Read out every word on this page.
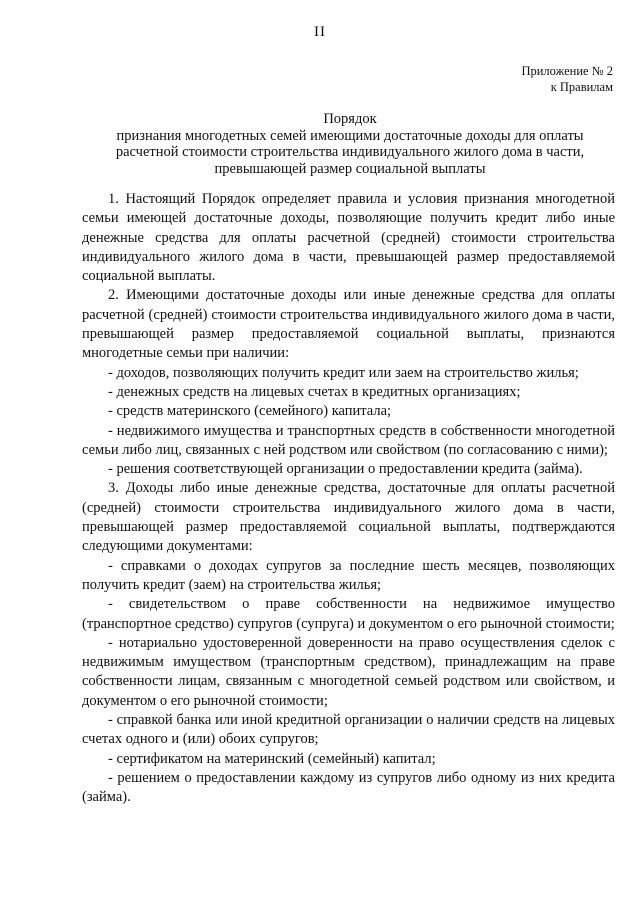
II
Приложение № 2
к Правилам
Порядок
признания многодетных семей имеющими достаточные доходы для оплаты
расчетной стоимости строительства индивидуального жилого дома в части,
превышающей размер социальной выплаты

1. Настоящий Порядок определяет правила и условия признания многодетной семьи имеющей достаточные доходы, позволяющие получить кредит либо иные денежные средства для оплаты расчетной (средней) стоимости строительства индивидуального жилого дома в части, превышающей размер предоставляемой социальной выплаты.

2. Имеющими достаточные доходы или иные денежные средства для оплаты расчетной (средней) стоимости строительства индивидуального жилого дома в части, превышающей размер предоставляемой социальной выплаты, признаются многодетные семьи при наличии:

- доходов, позволяющих получить кредит или заем на строительство жилья;

- денежных средств на лицевых счетах в кредитных организациях;

- средств материнского (семейного) капитала;

- недвижимого имущества и транспортных средств в собственности многодетной семьи либо лиц, связанных с ней родством или свойством (по согласованию с ними);

- решения соответствующей организации о предоставлении кредита (займа).

3. Доходы либо иные денежные средства, достаточные для оплаты расчетной (средней) стоимости строительства индивидуального жилого дома в части, превышающей размер предоставляемой социальной выплаты, подтверждаются следующими документами:

- справками о доходах супругов за последние шесть месяцев, позволяющих получить кредит (заем) на строительства жилья;

- свидетельством о праве собственности на недвижимое имущество (транспортное средство) супругов (супруга) и документом о его рыночной стоимости;

- нотариально удостоверенной доверенности на право осуществления сделок с недвижимым имуществом (транспортным средством), принадлежащим на праве собственности лицам, связанным с многодетной семьей родством или свойством, и документом о его рыночной стоимости;

- справкой банка или иной кредитной организации о наличии средств на лицевых счетах одного и (или) обоих супругов;

- сертификатом на материнский (семейный) капитал;

- решением о предоставлении каждому из супругов либо одному из них кредита (займа).
